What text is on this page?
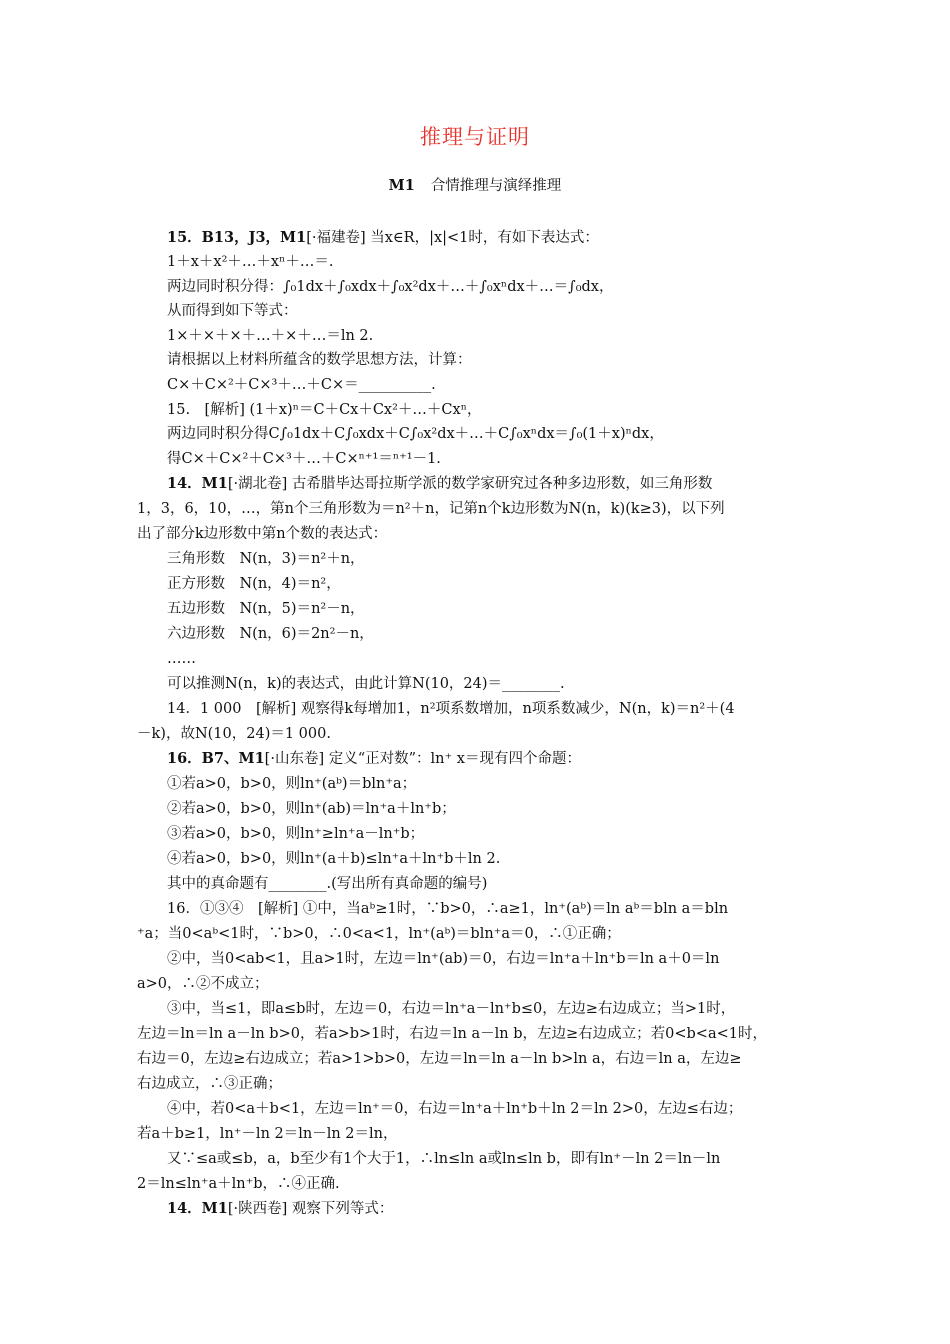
推理与证明
M1 合情推理与演绎推理
15．B13，J3，M1[·福建卷] 当x∈R，|x|<1时，有如下表达式：
1＋x＋x²＋…＋xⁿ＋…＝.
两边同时积分得：∫₀1dx＋∫₀xdx＋∫₀x²dx＋…＋∫₀xⁿdx＋…＝∫₀dx，
从而得到如下等式：
1×＋×＋×＋…＋×＋…＝ln 2.
请根据以上材料所蕴含的数学思想方法，计算：
C×＋C×²＋C×³＋…＋C×＝__________.
15.　[解析] (1＋x)ⁿ＝C＋Cx＋Cx²＋…＋Cxⁿ，
两边同时积分得C∫₀1dx＋C∫₀xdx＋C∫₀x²dx＋…＋C∫₀xⁿdx＝∫₀(1＋x)ⁿdx，
得C×＋C×²＋C×³＋…＋C×ⁿ⁺¹＝ⁿ⁺¹－1.
14．M1[·湖北卷] 古希腊毕达哥拉斯学派的数学家研究过各种多边形数，如三角形数
1，3，6，10，…，第n个三角形数为＝n²＋n，记第n个k边形数为N(n，k)(k≥3)，以下列
出了部分k边形数中第n个数的表达式：
三角形数　N(n，3)＝n²＋n，
正方形数　N(n，4)＝n²，
五边形数　N(n，5)＝n²－n，
六边形数　N(n，6)＝2n²－n，
……
可以推测N(n，k)的表达式，由此计算N(10，24)＝________.
14．1 000　[解析] 观察得k每增加1，n²项系数增加，n项系数减少，N(n，k)＝n²＋(4
－k)，故N(10，24)＝1 000.
16．B7、M1[·山东卷] 定义“正对数”：ln⁺ x＝现有四个命题：
①若a>0，b>0，则ln⁺(aᵇ)＝bln⁺a；
②若a>0，b>0，则ln⁺(ab)＝ln⁺a＋ln⁺b；
③若a>0，b>0，则ln⁺≥ln⁺a－ln⁺b；
④若a>0，b>0，则ln⁺(a＋b)≤ln⁺a＋ln⁺b＋ln 2.
其中的真命题有________.(写出所有真命题的编号)
16．①③④　[解析] ①中，当aᵇ≥1时，∵b>0，∴a≥1，ln⁺(aᵇ)＝ln aᵇ＝bln a＝bln
⁺a；当0<aᵇ<1时，∵b>0，∴0<a<1，ln⁺(aᵇ)＝bln⁺a＝0，∴①正确；
②中，当0<ab<1，且a>1时，左边＝ln⁺(ab)＝0，右边＝ln⁺a＋ln⁺b＝ln a＋0＝ln
a>0，∴②不成立；
③中，当≤1，即a≤b时，左边＝0，右边＝ln⁺a－ln⁺b≤0，左边≥右边成立；当>1时，
左边＝ln＝ln a－ln b>0，若a>b>1时，右边＝ln a－ln b，左边≥右边成立；若0<b<a<1时，
右边＝0，左边≥右边成立；若a>1>b>0，左边＝ln＝ln a－ln b>ln a，右边＝ln a，左边≥
右边成立，∴③正确；
④中，若0<a＋b<1，左边＝ln⁺＝0，右边＝ln⁺a＋ln⁺b＋ln 2＝ln 2>0，左边≤右边；
若a＋b≥1，ln⁺－ln 2＝ln－ln 2＝ln，
又∵≤a或≤b，a，b至少有1个大于1，∴ln≤ln a或ln≤ln b，即有ln⁺－ln 2＝ln－ln
2＝ln≤ln⁺a＋ln⁺b，∴④正确.
14．M1[·陕西卷] 观察下列等式：
